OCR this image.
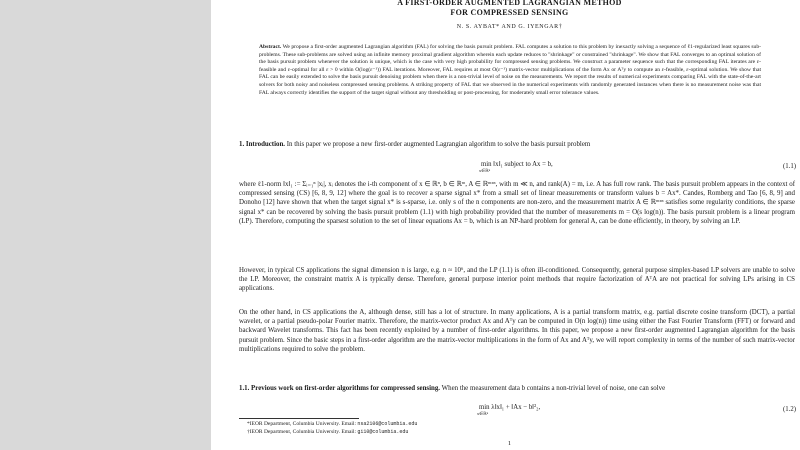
A FIRST-ORDER AUGMENTED LAGRANGIAN METHOD
FOR COMPRESSED SENSING
N. S. AYBAT* AND G. IYENGAR†
Abstract. We propose a first-order augmented Lagrangian algorithm (FAL) for solving the basis pursuit problem. FAL computes a solution to this problem by inexactly solving a sequence of ℓ1-regularized least squares sub-problems. These sub-problems are solved using an infinite memory proximal gradient algorithm wherein each update reduces to "shrinkage" or constrained "shrinkage". We show that FAL converges to an optimal solution of the basis pursuit problem whenever the solution is unique, which is the case with very high probability for compressed sensing problems. We construct a parameter sequence such that the corresponding FAL iterates are ε-feasible and ε-optimal for all ε > 0 within O(log(ε⁻¹)) FAL iterations. Moreover, FAL requires at most O(ε⁻¹) matrix-vector multiplications of the form Ax or Aᵀy to compute an ε-feasible, ε-optimal solution. We show that FAL can be easily extended to solve the basis pursuit denoising problem when there is a non-trivial level of noise on the measurements. We report the results of numerical experiments comparing FAL with the state-of-the-art solvers for both noisy and noiseless compressed sensing problems. A striking property of FAL that we observed in the numerical experiments with randomly generated instances when there is no measurement noise was that FAL always correctly identifies the support of the target signal without any thresholding or post-processing, for moderately small error tolerance values.
1. Introduction. In this paper we propose a new first-order augmented Lagrangian algorithm to solve the basis pursuit problem
min ‖x‖₁ subject to Ax = b,
x∈ℝⁿ
(1.1)
where ℓ1-norm ‖x‖₁ := Σᵢ₌₁ⁿ |xᵢ|, xᵢ denotes the i-th component of x ∈ ℝⁿ, b ∈ ℝᵐ, A ∈ ℝᵐˣⁿ, with m ≪ n, and rank(A) = m, i.e. A has full row rank. The basis pursuit problem appears in the context of compressed sensing (CS) [6, 8, 9, 12] where the goal is to recover a sparse signal x* from a small set of linear measurements or transform values b = Ax*. Candes, Romberg and Tao [6, 8, 9] and Donoho [12] have shown that when the target signal x* is s-sparse, i.e. only s of the n components are non-zero, and the measurement matrix A ∈ ℝᵐˣⁿ satisfies some regularity conditions, the sparse signal x* can be recovered by solving the basis pursuit problem (1.1) with high probability provided that the number of measurements m = O(s log(n)). The basis pursuit problem is a linear program (LP). Therefore, computing the sparsest solution to the set of linear equations Ax = b, which is an NP-hard problem for general A, can be done efficiently, in theory, by solving an LP.
However, in typical CS applications the signal dimension n is large, e.g. n ≈ 10⁶, and the LP (1.1) is often ill-conditioned. Consequently, general purpose simplex-based LP solvers are unable to solve the LP. Moreover, the constraint matrix A is typically dense. Therefore, general purpose interior point methods that require factorization of AᵀA are not practical for solving LPs arising in CS applications.
On the other hand, in CS applications the A, although dense, still has a lot of structure. In many applications, A is a partial transform matrix, e.g. partial discrete cosine transform (DCT), a partial wavelet, or a partial pseudo-polar Fourier matrix. Therefore, the matrix-vector product Ax and Aᵀy can be computed in O(n log(n)) time using either the Fast Fourier Transform (FFT) or forward and backward Wavelet transforms. This fact has been recently exploited by a number of first-order algorithms. In this paper, we propose a new first-order augmented Lagrangian algorithm for the basis pursuit problem. Since the basic steps in a first-order algorithm are the matrix-vector multiplications in the form of Ax and Aᵀy, we will report complexity in terms of the number of such matrix-vector multiplications required to solve the problem.
1.1. Previous work on first-order algorithms for compressed sensing. When the measurement data b contains a non-trivial level of noise, one can solve
min λ‖x‖₁ + ‖Ax − b‖²₂,
x∈ℝⁿ
(1.2)
*IEOR Department, Columbia University. Email: nsa2106@columbia.edu
†IEOR Department, Columbia University. Email: gi10@columbia.edu
1
